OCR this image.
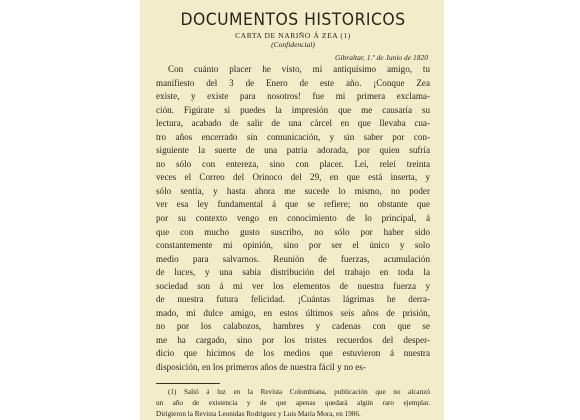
DOCUMENTOS HISTORICOS
CARTA DE NARIÑO Á ZEA (1)
(Confidencial)
Gibraltar, 1.º de Junio de 1820
Con cuánto placer he visto, mi antiquísimo amigo, tu
manifiesto del 3 de Enero de este año. ¡Conque Zea
existe, y existe para nosotros! fue mi primera exclama-
ción. Figúrate si puedes la impresión que me causaría su
lectura, acabado de salir de una cárcel en que llevaba cua-
tro años encerrado sin comunicación, y sin saber por con-
siguiente la suerte de una patria adorada, por quien sufría
no sólo con entereza, sino con placer. Leí, releí treinta
veces el Correo del Orinoco del 29, en que está inserta, y
sólo sentía, y hasta ahora me sucede lo mismo, no poder
ver esa ley fundamental á que se refiere; no obstante que
por su contexto vengo en conocimiento de lo principal, á
que con mucho gusto suscribo, no sólo por haber sido
constantemente mi opinión, sino por ser el único y solo
medio para salvarnos. Reunión de fuerzas, acumulación
de luces, y una sabia distribución del trabajo en toda la
sociedad son á mi ver los elementos de nuestra fuerza y
de nuestra futura felicidad. ¡Cuántas lágrimas he derra-
mado, mi dulce amigo, en estos últimos seis años de prisión,
no por los calabozos, hambres y cadenas con que se
me ha cargado, sino por los tristes recuerdos del desper-
dicio que hicimos de los medios que estuvieron á nuestra
disposición, en los primeros años de nuestra fácil y no es-
(1) Salió á luz en la Revista Colombiana, publicación que no alcanzó
un año de existencia y de que apenas quedará algún raro ejemplar.
Dirigieron la Revista Leonidas Rodríguez y Luis María Mora, en 1906.
